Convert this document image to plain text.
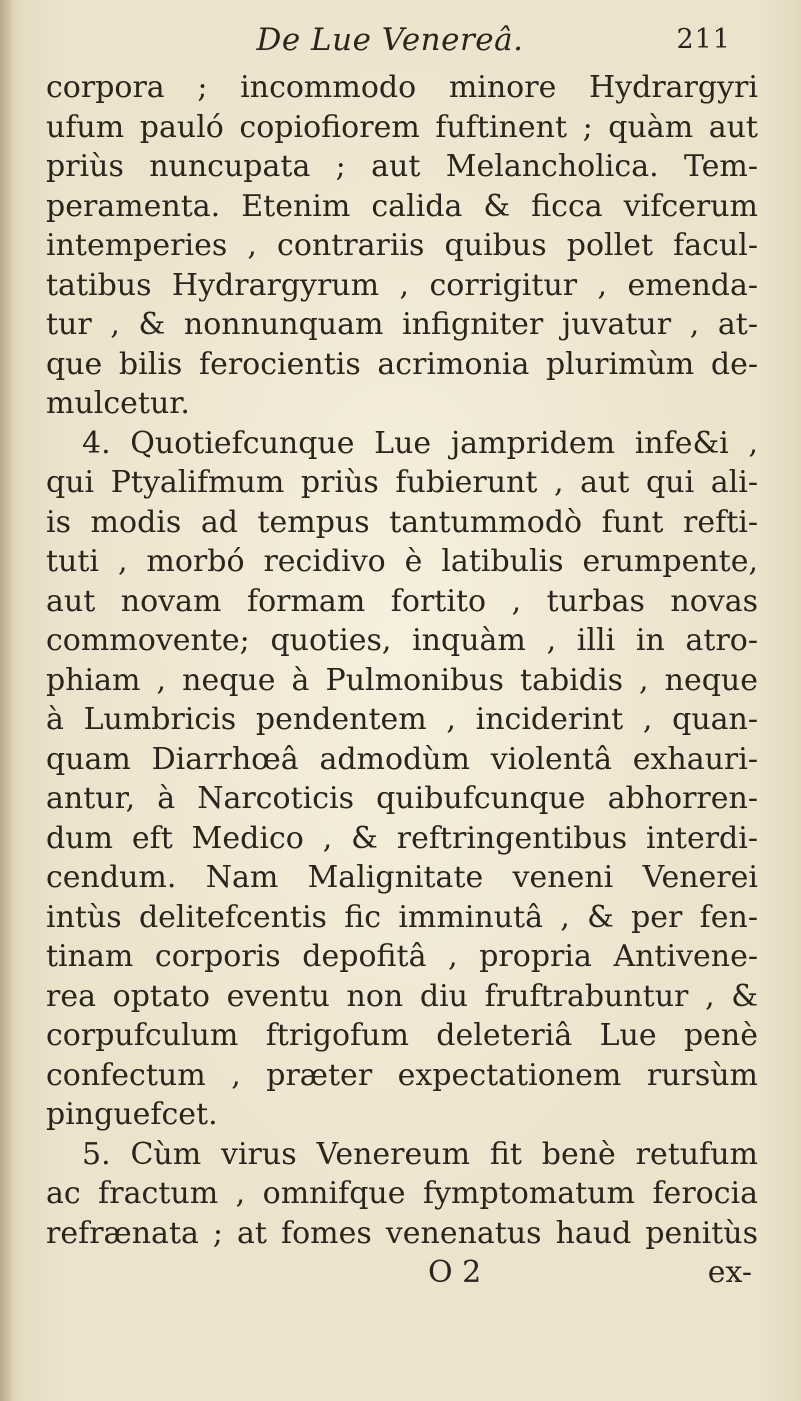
De Lue Venereâ.	211
corpora ; incommodo minore Hydrargyri
ufum pauló copiofiorem fuftinent ; quàm aut
priùs nuncupata ; aut Melancholica. Tem-
peramenta. Etenim calida & ficca vifcerum
intemperies , contrariis quibus pollet facul-
tatibus Hydrargyrum , corrigitur , emenda-
tur , & nonnunquam infigniter juvatur , at-
que bilis ferocientis acrimonia plurimùm de-
mulcetur.
4. Quotiefcunque Lue jampridem infe&i ,
qui Ptyalifmum priùs fubierunt , aut qui ali-
is modis ad tempus tantummodò funt refti-
tuti , morbó recidivo è latibulis erumpente,
aut novam formam fortito , turbas novas
commovente; quoties, inquàm , illi in atro-
phiam , neque à Pulmonibus tabidis , neque
à Lumbricis pendentem , inciderint , quan-
quam Diarrhœâ admodùm violentâ exhauri-
antur, à Narcoticis quibufcunque abhorren-
dum eft Medico , & reftringentibus interdi-
cendum. Nam Malignitate veneni Venerei
intùs delitefcentis fic imminutâ , & per fen-
tinam corporis depofitâ , propria Antivene-
rea optato eventu non diu fruftrabuntur , &
corpufculum ftrigofum deleteriâ Lue penè
confectum , præter expectationem rursùm
pinguefcet.
5. Cùm virus Venereum fit benè retufum
ac fractum , omnifque fymptomatum ferocia
refrænata ; at fomes venenatus haud penitùs
O 2	ex-
